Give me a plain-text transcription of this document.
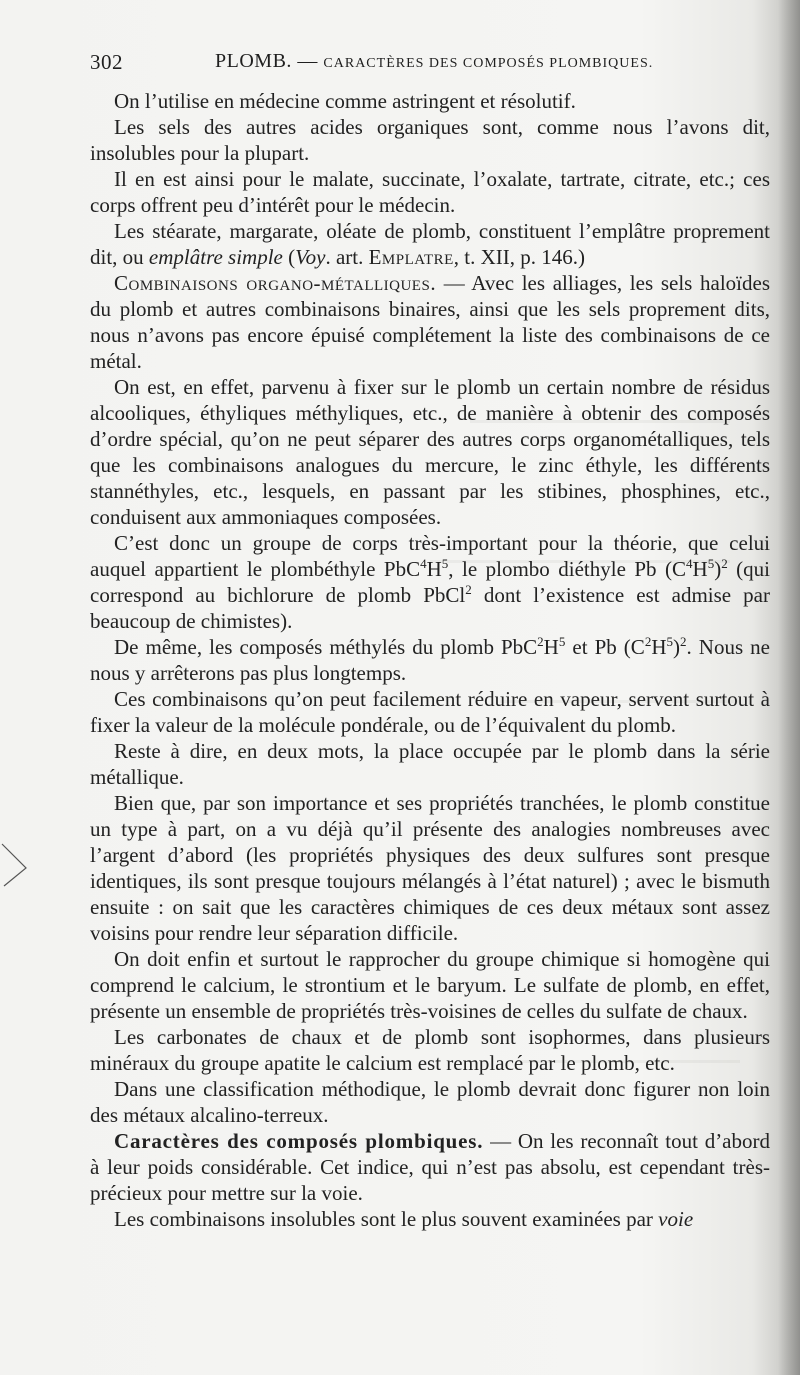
302	PLOMB. — CARACTÈRES DES COMPOSÉS PLOMBIQUES.

On l’utilise en médecine comme astringent et résolutif.

Les sels des autres acides organiques sont, comme nous l’avons dit, insolubles pour la plupart.

Il en est ainsi pour le malate, succinate, l’oxalate, tartrate, citrate, etc.; ces corps offrent peu d’intérêt pour le médecin.

Les stéarate, margarate, oléate de plomb, constituent l’emplâtre proprement dit, ou emplâtre simple (Voy. art. Emplatre, t. XII, p. 146.)

Combinaisons organo-métalliques. — Avec les alliages, les sels haloïdes du plomb et autres combinaisons binaires, ainsi que les sels proprement dits, nous n’avons pas encore épuisé complétement la liste des combinaisons de ce métal.

On est, en effet, parvenu à fixer sur le plomb un certain nombre de résidus alcooliques, éthyliques méthyliques, etc., de manière à obtenir des composés d’ordre spécial, qu’on ne peut séparer des autres corps organométalliques, tels que les combinaisons analogues du mercure, le zinc éthyle, les différents stannéthyles, etc., lesquels, en passant par les stibines, phosphines, etc., conduisent aux ammoniaques composées.

C’est donc un groupe de corps très-important pour la théorie, que celui auquel appartient le plombéthyle $PbC^4H^5$, le plombo diéthyle Pb $(C^4H^5)^2$ (qui correspond au bichlorure de plomb PbCl$^2$ dont l’existence est admise par beaucoup de chimistes).

De même, les composés méthylés du plomb $PbC^2H^5$ et Pb $(C^2H^5)^2$. Nous ne nous y arrêterons pas plus longtemps.

Ces combinaisons qu’on peut facilement réduire en vapeur, servent surtout à fixer la valeur de la molécule pondérale, ou de l’équivalent du plomb.

Reste à dire, en deux mots, la place occupée par le plomb dans la série métallique.

Bien que, par son importance et ses propriétés tranchées, le plomb constitue un type à part, on a vu déjà qu’il présente des analogies nombreuses avec l’argent d’abord (les propriétés physiques des deux sulfures sont presque identiques, ils sont presque toujours mélangés à l’état naturel) ; avec le bismuth ensuite : on sait que les caractères chimiques de ces deux métaux sont assez voisins pour rendre leur séparation difficile.

On doit enfin et surtout le rapprocher du groupe chimique si homogène qui comprend le calcium, le strontium et le baryum. Le sulfate de plomb, en effet, présente un ensemble de propriétés très-voisines de celles du sulfate de chaux.

Les carbonates de chaux et de plomb sont isophormes, dans plusieurs minéraux du groupe apatite le calcium est remplacé par le plomb, etc.

Dans une classification méthodique, le plomb devrait donc figurer non loin des métaux alcalino-terreux.

Caractères des composés plombiques. — On les reconnaît tout d’abord à leur poids considérable. Cet indice, qui n’est pas absolu, est cependant très-précieux pour mettre sur la voie.

Les combinaisons insolubles sont le plus souvent examinées par voie
